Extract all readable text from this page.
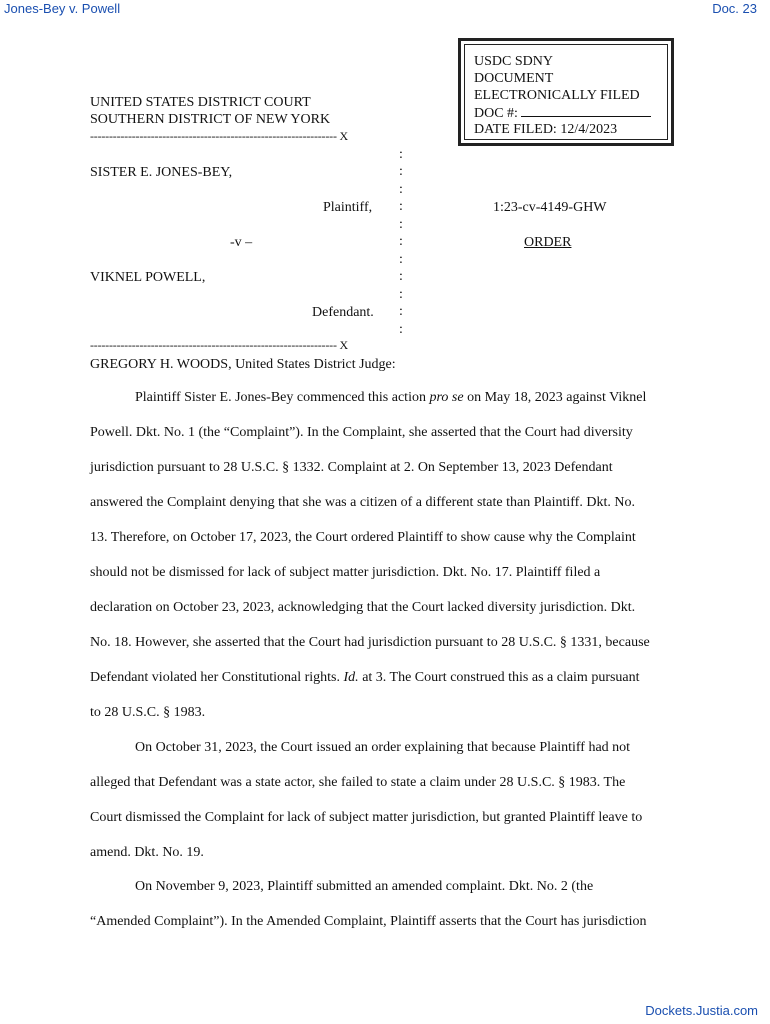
Jones-Bey v. Powell	Doc. 23
USDC SDNY
DOCUMENT
ELECTRONICALLY FILED
DOC #:
DATE FILED: 12/4/2023
UNITED STATES DISTRICT COURT
SOUTHERN DISTRICT OF NEW YORK
----------------------------------------------------------------- X
:
SISTER E. JONES-BEY,	:
:
Plaintiff, :	1:23-cv-4149-GHW
:
-v –	:	ORDER
:
VIKNEL POWELL,	:
:
Defendant. :
:
----------------------------------------------------------------- X
GREGORY H. WOODS, United States District Judge:
Plaintiff Sister E. Jones-Bey commenced this action pro se on May 18, 2023 against Viknel
Powell. Dkt. No. 1 (the “Complaint”). In the Complaint, she asserted that the Court had diversity
jurisdiction pursuant to 28 U.S.C. § 1332. Complaint at 2. On September 13, 2023 Defendant
answered the Complaint denying that she was a citizen of a different state than Plaintiff. Dkt. No.
13. Therefore, on October 17, 2023, the Court ordered Plaintiff to show cause why the Complaint
should not be dismissed for lack of subject matter jurisdiction. Dkt. No. 17. Plaintiff filed a
declaration on October 23, 2023, acknowledging that the Court lacked diversity jurisdiction. Dkt.
No. 18. However, she asserted that the Court had jurisdiction pursuant to 28 U.S.C. § 1331, because
Defendant violated her Constitutional rights. Id. at 3. The Court construed this as a claim pursuant
to 28 U.S.C. § 1983.
On October 31, 2023, the Court issued an order explaining that because Plaintiff had not
alleged that Defendant was a state actor, she failed to state a claim under 28 U.S.C. § 1983. The
Court dismissed the Complaint for lack of subject matter jurisdiction, but granted Plaintiff leave to
amend. Dkt. No. 19.
On November 9, 2023, Plaintiff submitted an amended complaint. Dkt. No. 2 (the
“Amended Complaint”). In the Amended Complaint, Plaintiff asserts that the Court has jurisdiction
Dockets.Justia.com
